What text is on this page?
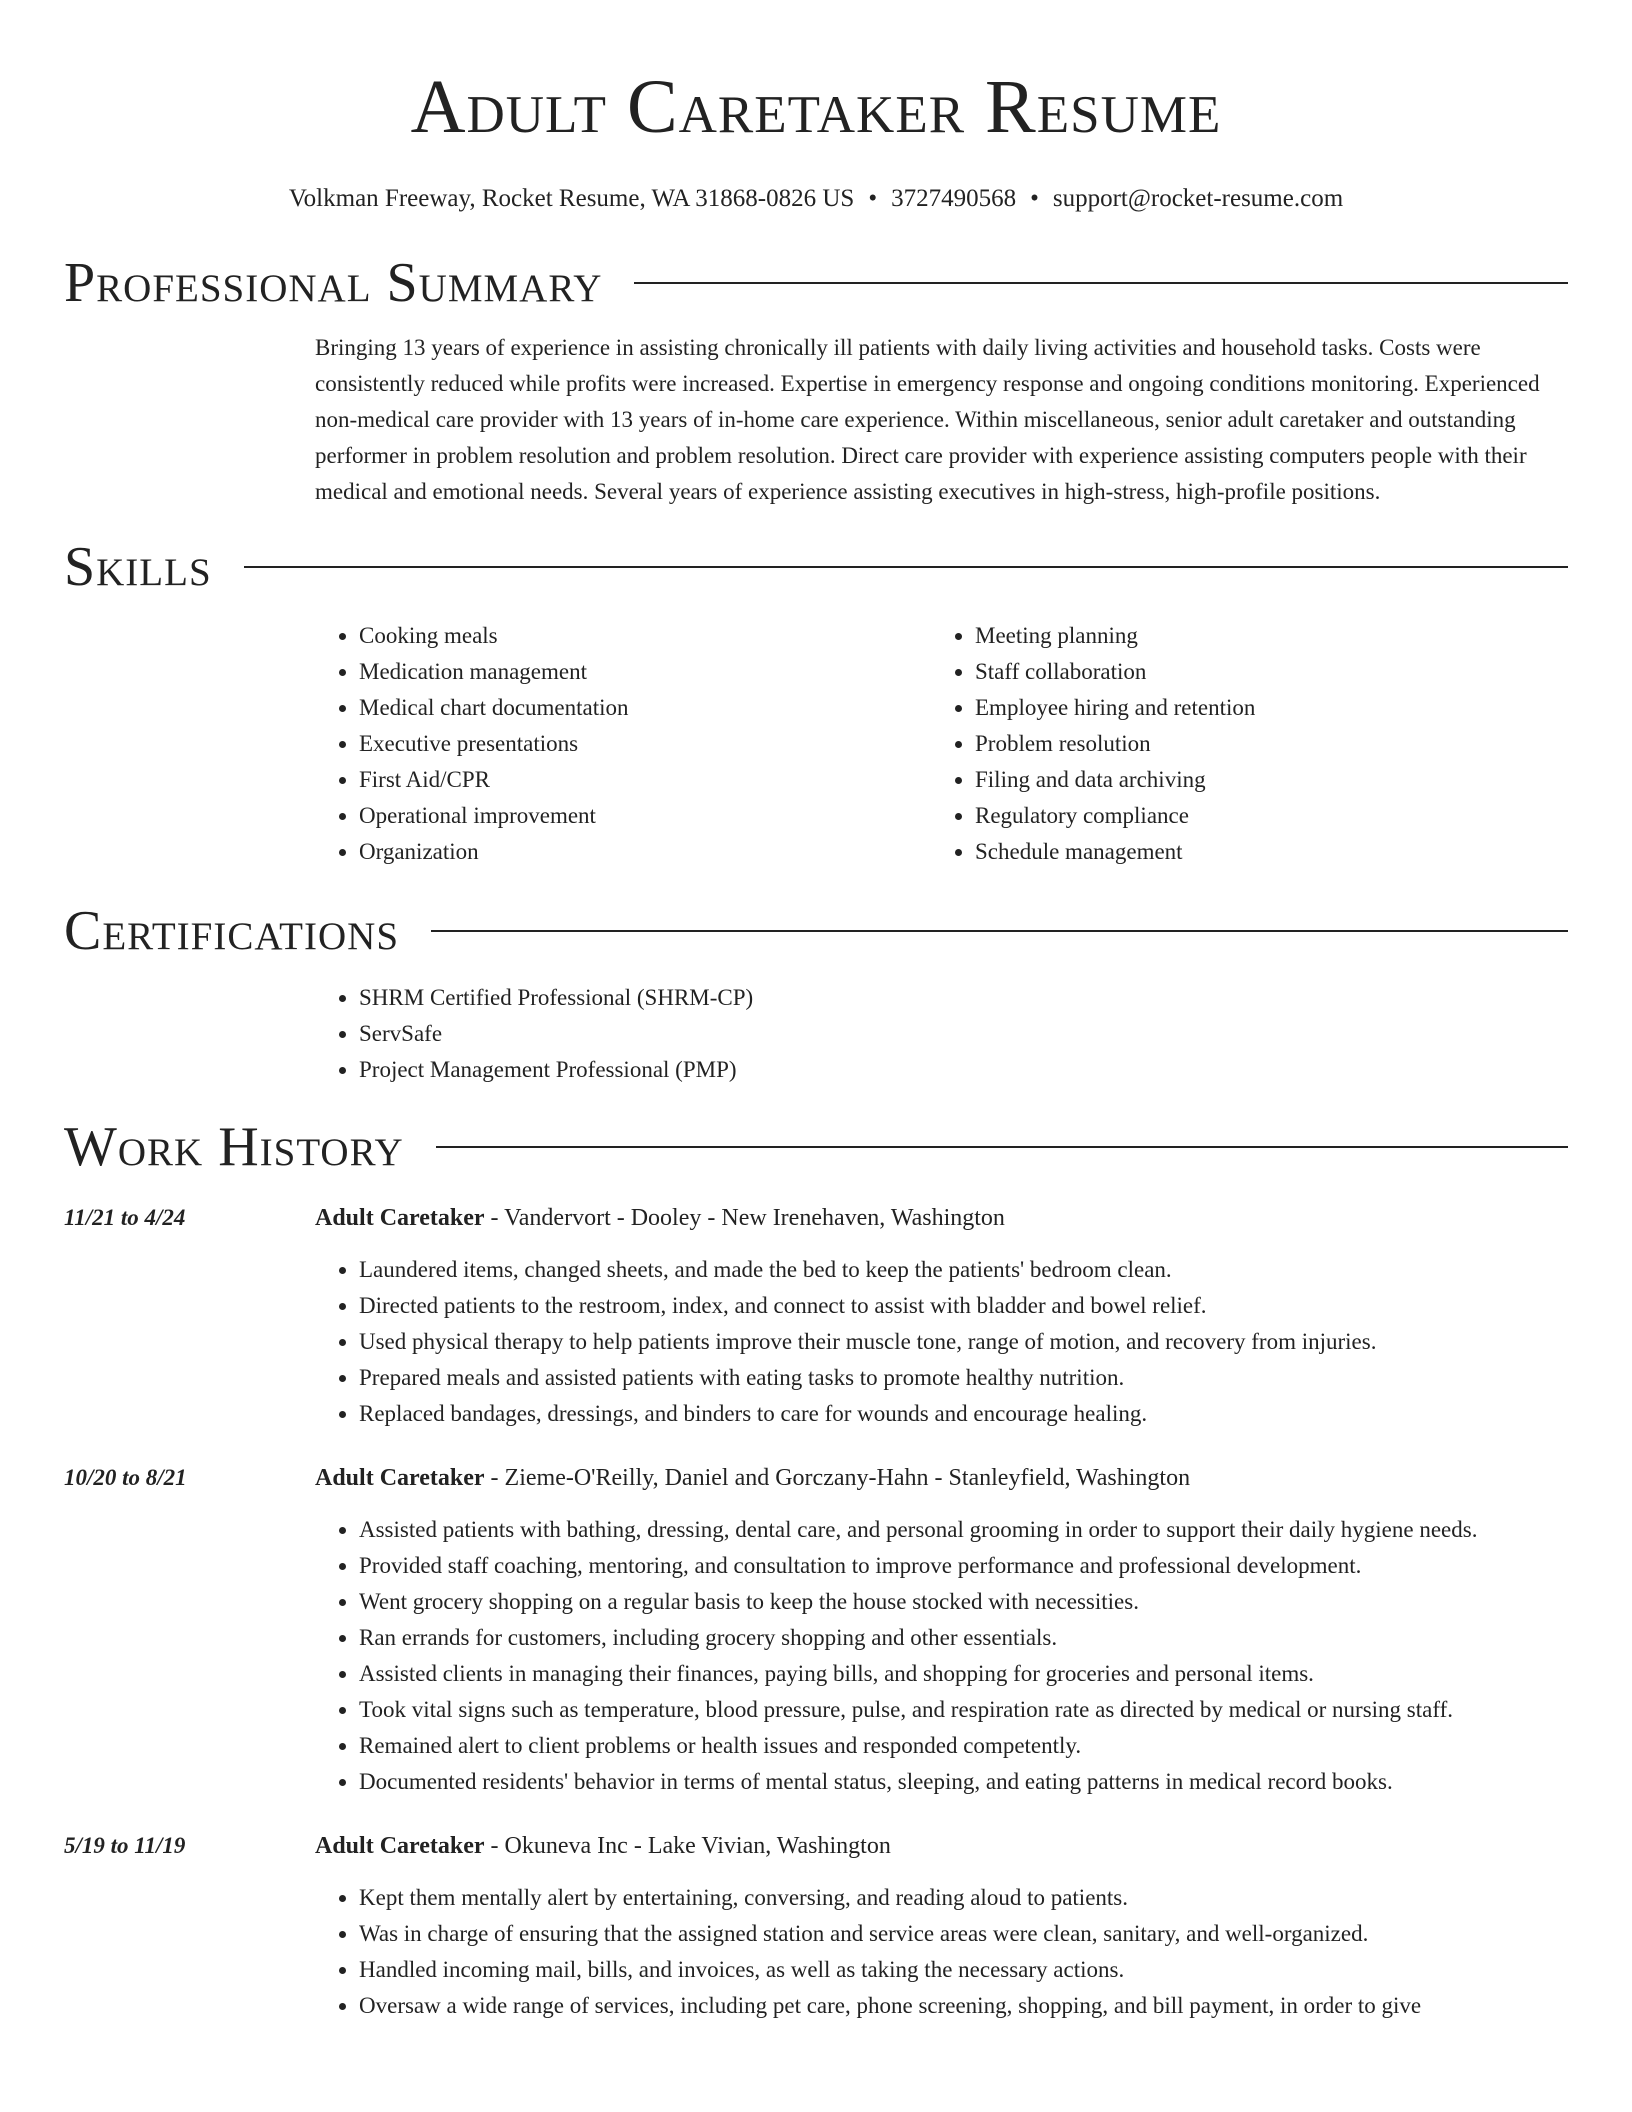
Adult Caretaker Resume
Volkman Freeway, Rocket Resume, WA 31868-0826 US • 3727490568 • support@rocket-resume.com
Professional Summary

Bringing 13 years of experience in assisting chronically ill patients with daily living activities and household tasks. Costs were consistently reduced while profits were increased. Expertise in emergency response and ongoing conditions monitoring. Experienced non-medical care provider with 13 years of in-home care experience. Within miscellaneous, senior adult caretaker and outstanding performer in problem resolution and problem resolution. Direct care provider with experience assisting computers people with their medical and emotional needs. Several years of experience assisting executives in high-stress, high-profile positions.

Skills
• Cooking meals
• Medication management
• Medical chart documentation
• Executive presentations
• First Aid/CPR
• Operational improvement
• Organization
• Meeting planning
• Staff collaboration
• Employee hiring and retention
• Problem resolution
• Filing and data archiving
• Regulatory compliance
• Schedule management
Certifications
• SHRM Certified Professional (SHRM-CP)
• ServSafe
• Project Management Professional (PMP)
Work History
11/21 to 4/24	Adult Caretaker - Vandervort - Dooley - New Irenehaven, Washington
• Laundered items, changed sheets, and made the bed to keep the patients' bedroom clean.
• Directed patients to the restroom, index, and connect to assist with bladder and bowel relief.
• Used physical therapy to help patients improve their muscle tone, range of motion, and recovery from injuries.
• Prepared meals and assisted patients with eating tasks to promote healthy nutrition.
• Replaced bandages, dressings, and binders to care for wounds and encourage healing.
10/20 to 8/21	Adult Caretaker - Zieme-O'Reilly, Daniel and Gorczany-Hahn - Stanleyfield, Washington
• Assisted patients with bathing, dressing, dental care, and personal grooming in order to support their daily hygiene needs.
• Provided staff coaching, mentoring, and consultation to improve performance and professional development.
• Went grocery shopping on a regular basis to keep the house stocked with necessities.
• Ran errands for customers, including grocery shopping and other essentials.
• Assisted clients in managing their finances, paying bills, and shopping for groceries and personal items.
• Took vital signs such as temperature, blood pressure, pulse, and respiration rate as directed by medical or nursing staff.
• Remained alert to client problems or health issues and responded competently.
• Documented residents' behavior in terms of mental status, sleeping, and eating patterns in medical record books.
5/19 to 11/19	Adult Caretaker - Okuneva Inc - Lake Vivian, Washington
• Kept them mentally alert by entertaining, conversing, and reading aloud to patients.
• Was in charge of ensuring that the assigned station and service areas were clean, sanitary, and well-organized.
• Handled incoming mail, bills, and invoices, as well as taking the necessary actions.
• Oversaw a wide range of services, including pet care, phone screening, shopping, and bill payment, in order to give
